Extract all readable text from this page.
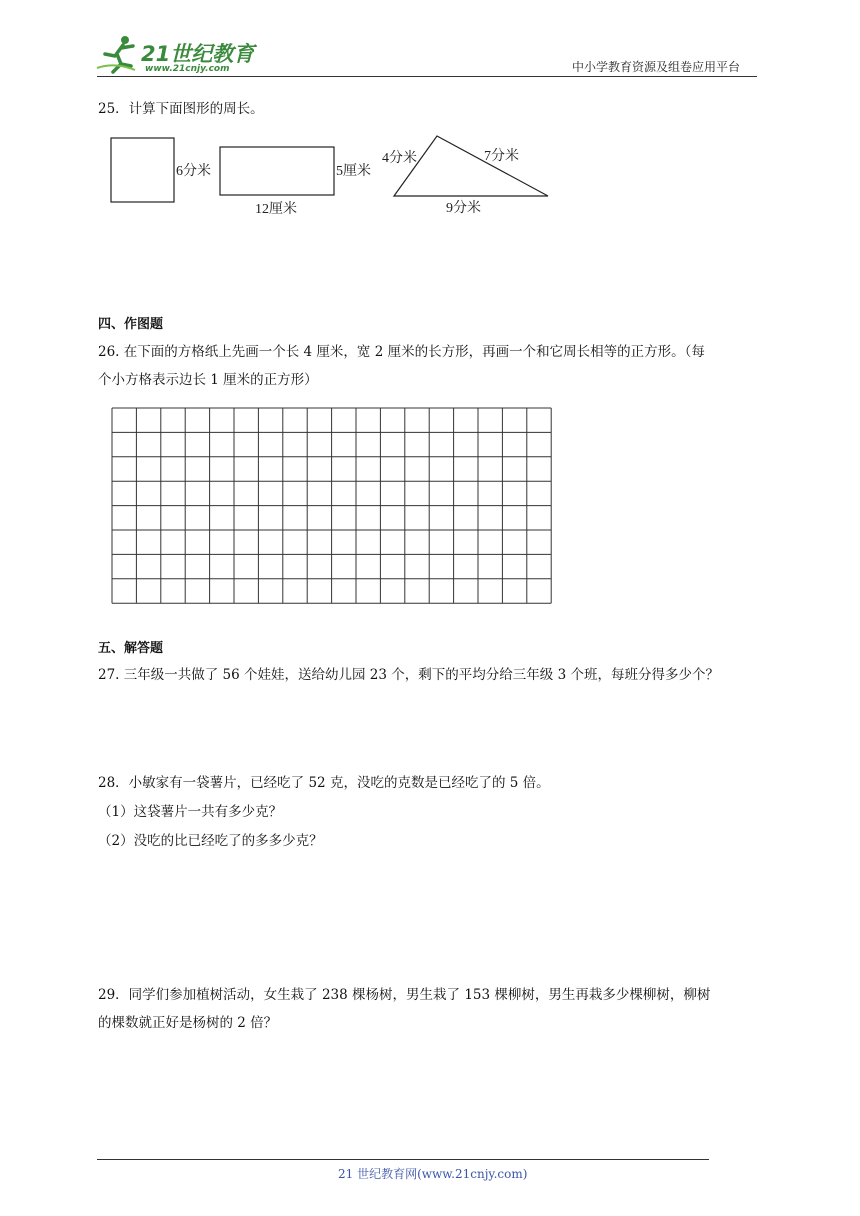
21世纪教育
www.21cnjy.com	中小学教育资源及组卷应用平台
25．计算下面图形的周长。
6分米	5厘米
12厘米
4分米	7分米
9分米
四、作图题
26. 在下面的方格纸上先画一个长 4 厘米，宽 2 厘米的长方形，再画一个和它周长相等的正方形。（每
个小方格表示边长 1 厘米的正方形）
五、解答题
27. 三年级一共做了 56 个娃娃，送给幼儿园 23 个，剩下的平均分给三年级 3 个班，每班分得多少个？
28．小敏家有一袋薯片，已经吃了 52 克，没吃的克数是已经吃了的 5 倍。
（1）这袋薯片一共有多少克？
（2）没吃的比已经吃了的多多少克？
29．同学们参加植树活动，女生栽了 238 棵杨树，男生栽了 153 棵柳树，男生再栽多少棵柳树，柳树
的棵数就正好是杨树的 2 倍？
21 世纪教育网(www.21cnjy.com)
